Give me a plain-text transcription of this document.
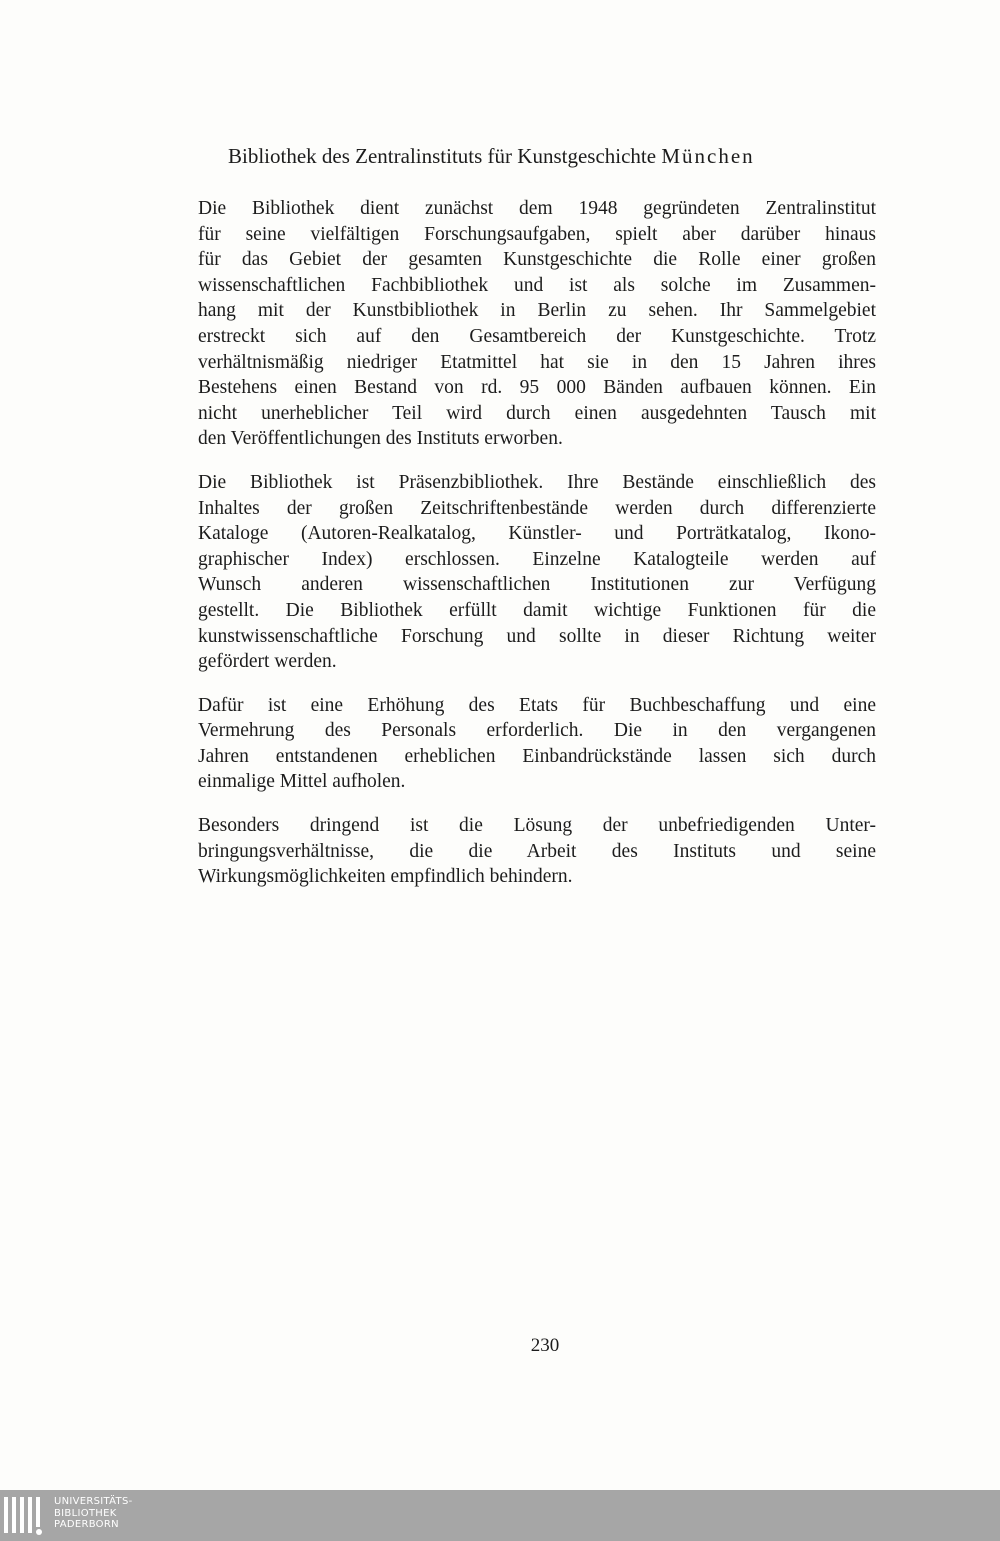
Bibliothek des Zentralinstituts für Kunstgeschichte München

Die Bibliothek dient zunächst dem 1948 gegründeten Zentralinstitut
für seine vielfältigen Forschungsaufgaben, spielt aber darüber hinaus
für das Gebiet der gesamten Kunstgeschichte die Rolle einer großen
wissenschaftlichen Fachbibliothek und ist als solche im Zusammen-
hang mit der Kunstbibliothek in Berlin zu sehen. Ihr Sammelgebiet
erstreckt sich auf den Gesamtbereich der Kunstgeschichte. Trotz
verhältnismäßig niedriger Etatmittel hat sie in den 15 Jahren ihres
Bestehens einen Bestand von rd. 95 000 Bänden aufbauen können. Ein
nicht unerheblicher Teil wird durch einen ausgedehnten Tausch mit
den Veröffentlichungen des Instituts erworben.

Die Bibliothek ist Präsenzbibliothek. Ihre Bestände einschließlich des
Inhaltes der großen Zeitschriftenbestände werden durch differenzierte
Kataloge (Autoren-Realkatalog, Künstler- und Porträtkatalog, Ikono-
graphischer Index) erschlossen. Einzelne Katalogteile werden auf
Wunsch anderen wissenschaftlichen Institutionen zur Verfügung
gestellt. Die Bibliothek erfüllt damit wichtige Funktionen für die
kunstwissenschaftliche Forschung und sollte in dieser Richtung weiter
gefördert werden.

Dafür ist eine Erhöhung des Etats für Buchbeschaffung und eine
Vermehrung des Personals erforderlich. Die in den vergangenen
Jahren entstandenen erheblichen Einbandrückstände lassen sich durch
einmalige Mittel aufholen.

Besonders dringend ist die Lösung der unbefriedigenden Unter-
bringungsverhältnisse, die die Arbeit des Instituts und seine
Wirkungsmöglichkeiten empfindlich behindern.

230
UNIVERSITÄTS-
BIBLIOTHEK
PADERBORN
